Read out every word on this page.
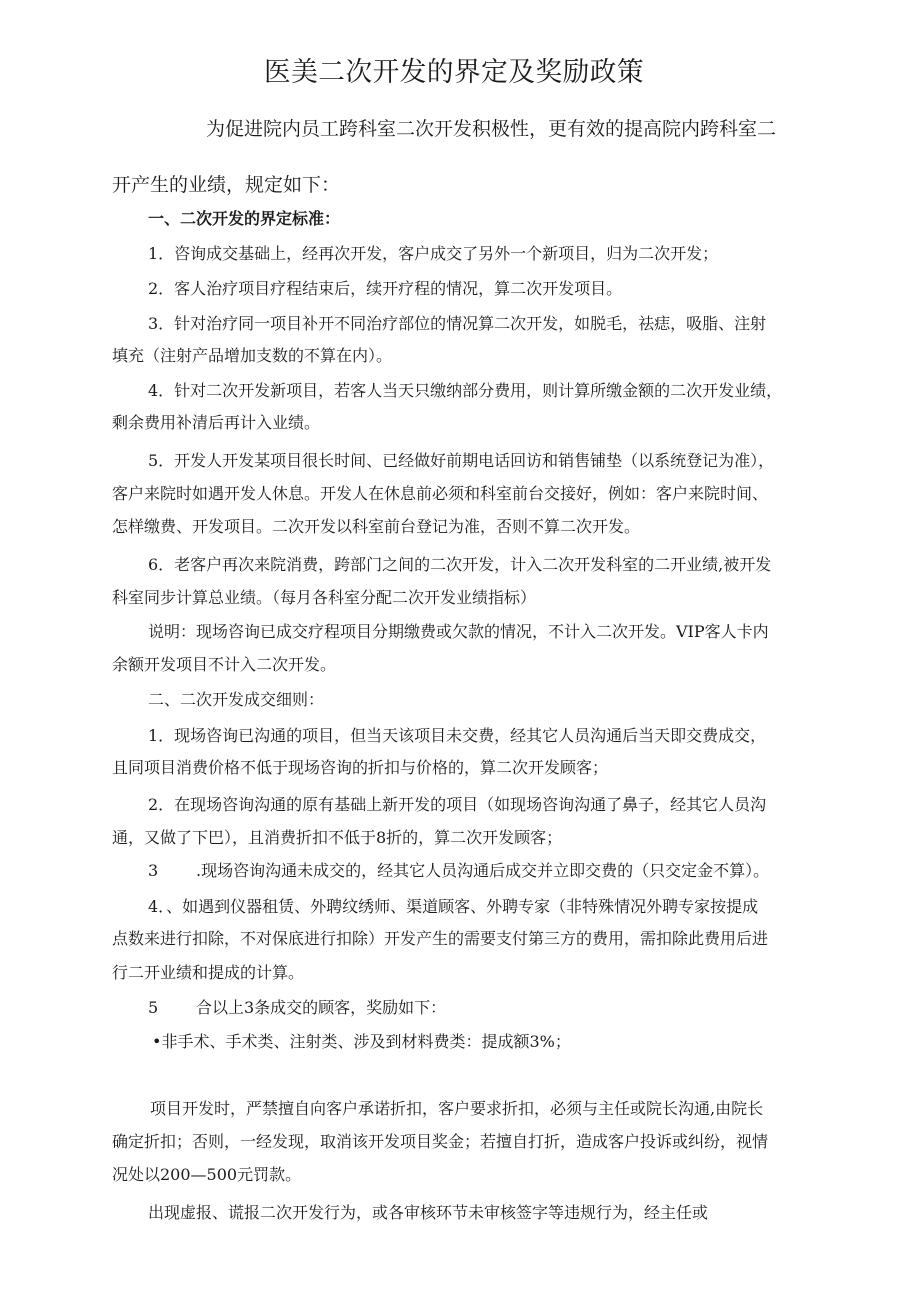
医美二次开发的界定及奖励政策
为促进院内员工跨科室二次开发积极性，更有效的提高院内跨科室二
开产生的业绩，规定如下：
一、二次开发的界定标准：
1．咨询成交基础上，经再次开发，客户成交了另外一个新项目，归为二次开发；
2．客人治疗项目疗程结束后，续开疗程的情况，算二次开发项目。
3．针对治疗同一项目补开不同治疗部位的情况算二次开发，如脱毛，祛痣，吸脂、注射
填充（注射产品增加支数的不算在内）。
4．针对二次开发新项目，若客人当天只缴纳部分费用，则计算所缴金额的二次开发业绩，
剩余费用补清后再计入业绩。
5．开发人开发某项目很长时间、已经做好前期电话回访和销售铺垫（以系统登记为准），
客户来院时如遇开发人休息。开发人在休息前必须和科室前台交接好，例如：客户来院时间、
怎样缴费、开发项目。二次开发以科室前台登记为准，否则不算二次开发。
6．老客户再次来院消费，跨部门之间的二次开发，计入二次开发科室的二开业绩,被开发
科室同步计算总业绩。（每月各科室分配二次开发业绩指标）
说明：现场咨询已成交疗程项目分期缴费或欠款的情况，不计入二次开发。VIP客人卡内
余额开发项目不计入二次开发。
二、二次开发成交细则：
1．现场咨询已沟通的项目，但当天该项目未交费，经其它人员沟通后当天即交费成交，
且同项目消费价格不低于现场咨询的折扣与价格的，算二次开发顾客；
2．在现场咨询沟通的原有基础上新开发的项目（如现场咨询沟通了鼻子，经其它人员沟
通，又做了下巴），且消费折扣不低于8折的，算二次开发顾客；
3 .现场咨询沟通未成交的，经其它人员沟通后成交并立即交费的（只交定金不算）。
4．、如遇到仪器租赁、外聘纹绣师、渠道顾客、外聘专家（非特殊情况外聘专家按提成
点数来进行扣除，不对保底进行扣除）开发产生的需要支付第三方的费用，需扣除此费用后进
行二开业绩和提成的计算。
5 合以上3条成交的顾客，奖励如下：
•非手术、手术类、注射类、涉及到材料费类：提成额3%；
项目开发时，严禁擅自向客户承诺折扣，客户要求折扣，必须与主任或院长沟通,由院长
确定折扣；否则，一经发现，取消该开发项目奖金；若擅自打折，造成客户投诉或纠纷，视情
况处以200—500元罚款。
出现虚报、谎报二次开发行为，或各审核环节未审核签字等违规行为，经主任或
